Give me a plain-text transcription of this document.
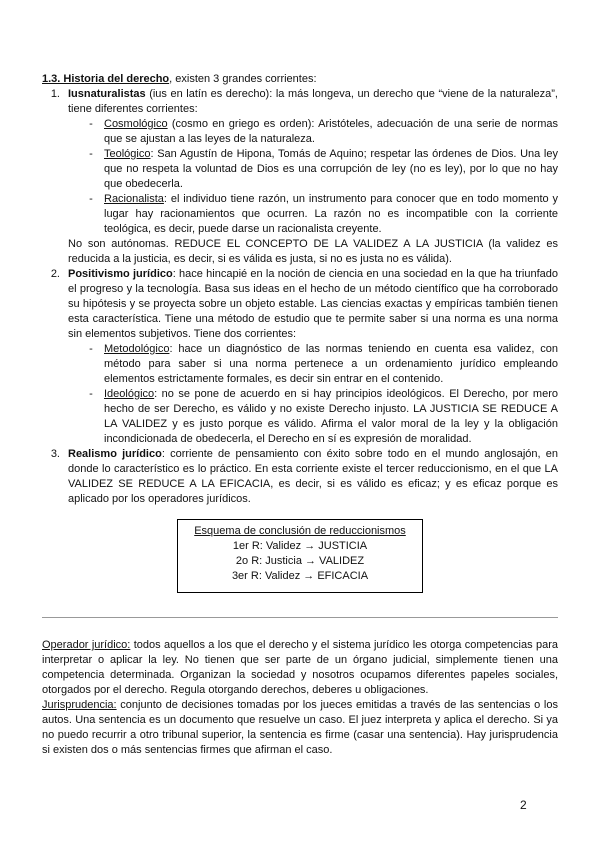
1.3. Historia del derecho, existen 3 grandes corrientes:

1. Iusnaturalistas (ius en latín es derecho): la más longeva, un derecho que “viene de la naturaleza”, tiene diferentes corrientes:
-	Cosmológico (cosmo en griego es orden): Aristóteles, adecuación de una serie de normas que se ajustan a las leyes de la naturaleza.
-	Teológico: San Agustín de Hipona, Tomás de Aquino; respetar las órdenes de Dios. Una ley que no respeta la voluntad de Dios es una corrupción de ley (no es ley), por lo que no hay que obedecerla.
-	Racionalista: el individuo tiene razón, un instrumento para conocer que en todo momento y lugar hay racionamientos que ocurren. La razón no es incompatible con la corriente teológica, es decir, puede darse un racionalista creyente.

No son autónomas. REDUCE EL CONCEPTO DE LA VALIDEZ A LA JUSTICIA (la validez es reducida a la justicia, es decir, si es válida es justa, si no es justa no es válida).

2. Positivismo jurídico: hace hincapié en la noción de ciencia en una sociedad en la que ha triunfado el progreso y la tecnología. Basa sus ideas en el hecho de un método científico que ha corroborado su hipótesis y se proyecta sobre un objeto estable. Las ciencias exactas y empíricas también tienen esta característica. Tiene una método de estudio que te permite saber si una norma es una norma sin elementos subjetivos. Tiene dos corrientes:
-	Metodológico: hace un diagnóstico de las normas teniendo en cuenta esa validez, con método para saber si una norma pertenece a un ordenamiento jurídico empleando elementos estrictamente formales, es decir sin entrar en el contenido.
-	Ideológico: no se pone de acuerdo en si hay principios ideológicos. El Derecho, por mero hecho de ser Derecho, es válido y no existe Derecho injusto. LA JUSTICIA SE REDUCE A LA VALIDEZ y es justo porque es válido. Afirma el valor moral de la ley y la obligación incondicionada de obedecerla, el Derecho en sí es expresión de moralidad.
3. Realismo jurídico: corriente de pensamiento con éxito sobre todo en el mundo anglosajón, en donde lo característico es lo práctico. En esta corriente existe el tercer reduccionismo, en el que LA VALIDEZ SE REDUCE A LA EFICACIA, es decir, si es válido es eficaz; y es eficaz porque es aplicado por los operadores jurídicos.
Esquema de conclusión de reduccionismos
1er R: Validez → JUSTICIA
2o R: Justicia → VALIDEZ
3er R: Validez → EFICACIA

Operador jurídico: todos aquellos a los que el derecho y el sistema jurídico les otorga competencias para interpretar o aplicar la ley. No tienen que ser parte de un órgano judicial, simplemente tienen una competencia determinada. Organizan la sociedad y nosotros ocupamos diferentes papeles sociales, otorgados por el derecho. Regula otorgando derechos, deberes u obligaciones.

Jurisprudencia: conjunto de decisiones tomadas por los jueces emitidas a través de las sentencias o los autos. Una sentencia es un documento que resuelve un caso. El juez interpreta y aplica el derecho. Si ya no puedo recurrir a otro tribunal superior, la sentencia es firme (casar una sentencia). Hay jurisprudencia si existen dos o más sentencias firmes que afirman el caso.

2
